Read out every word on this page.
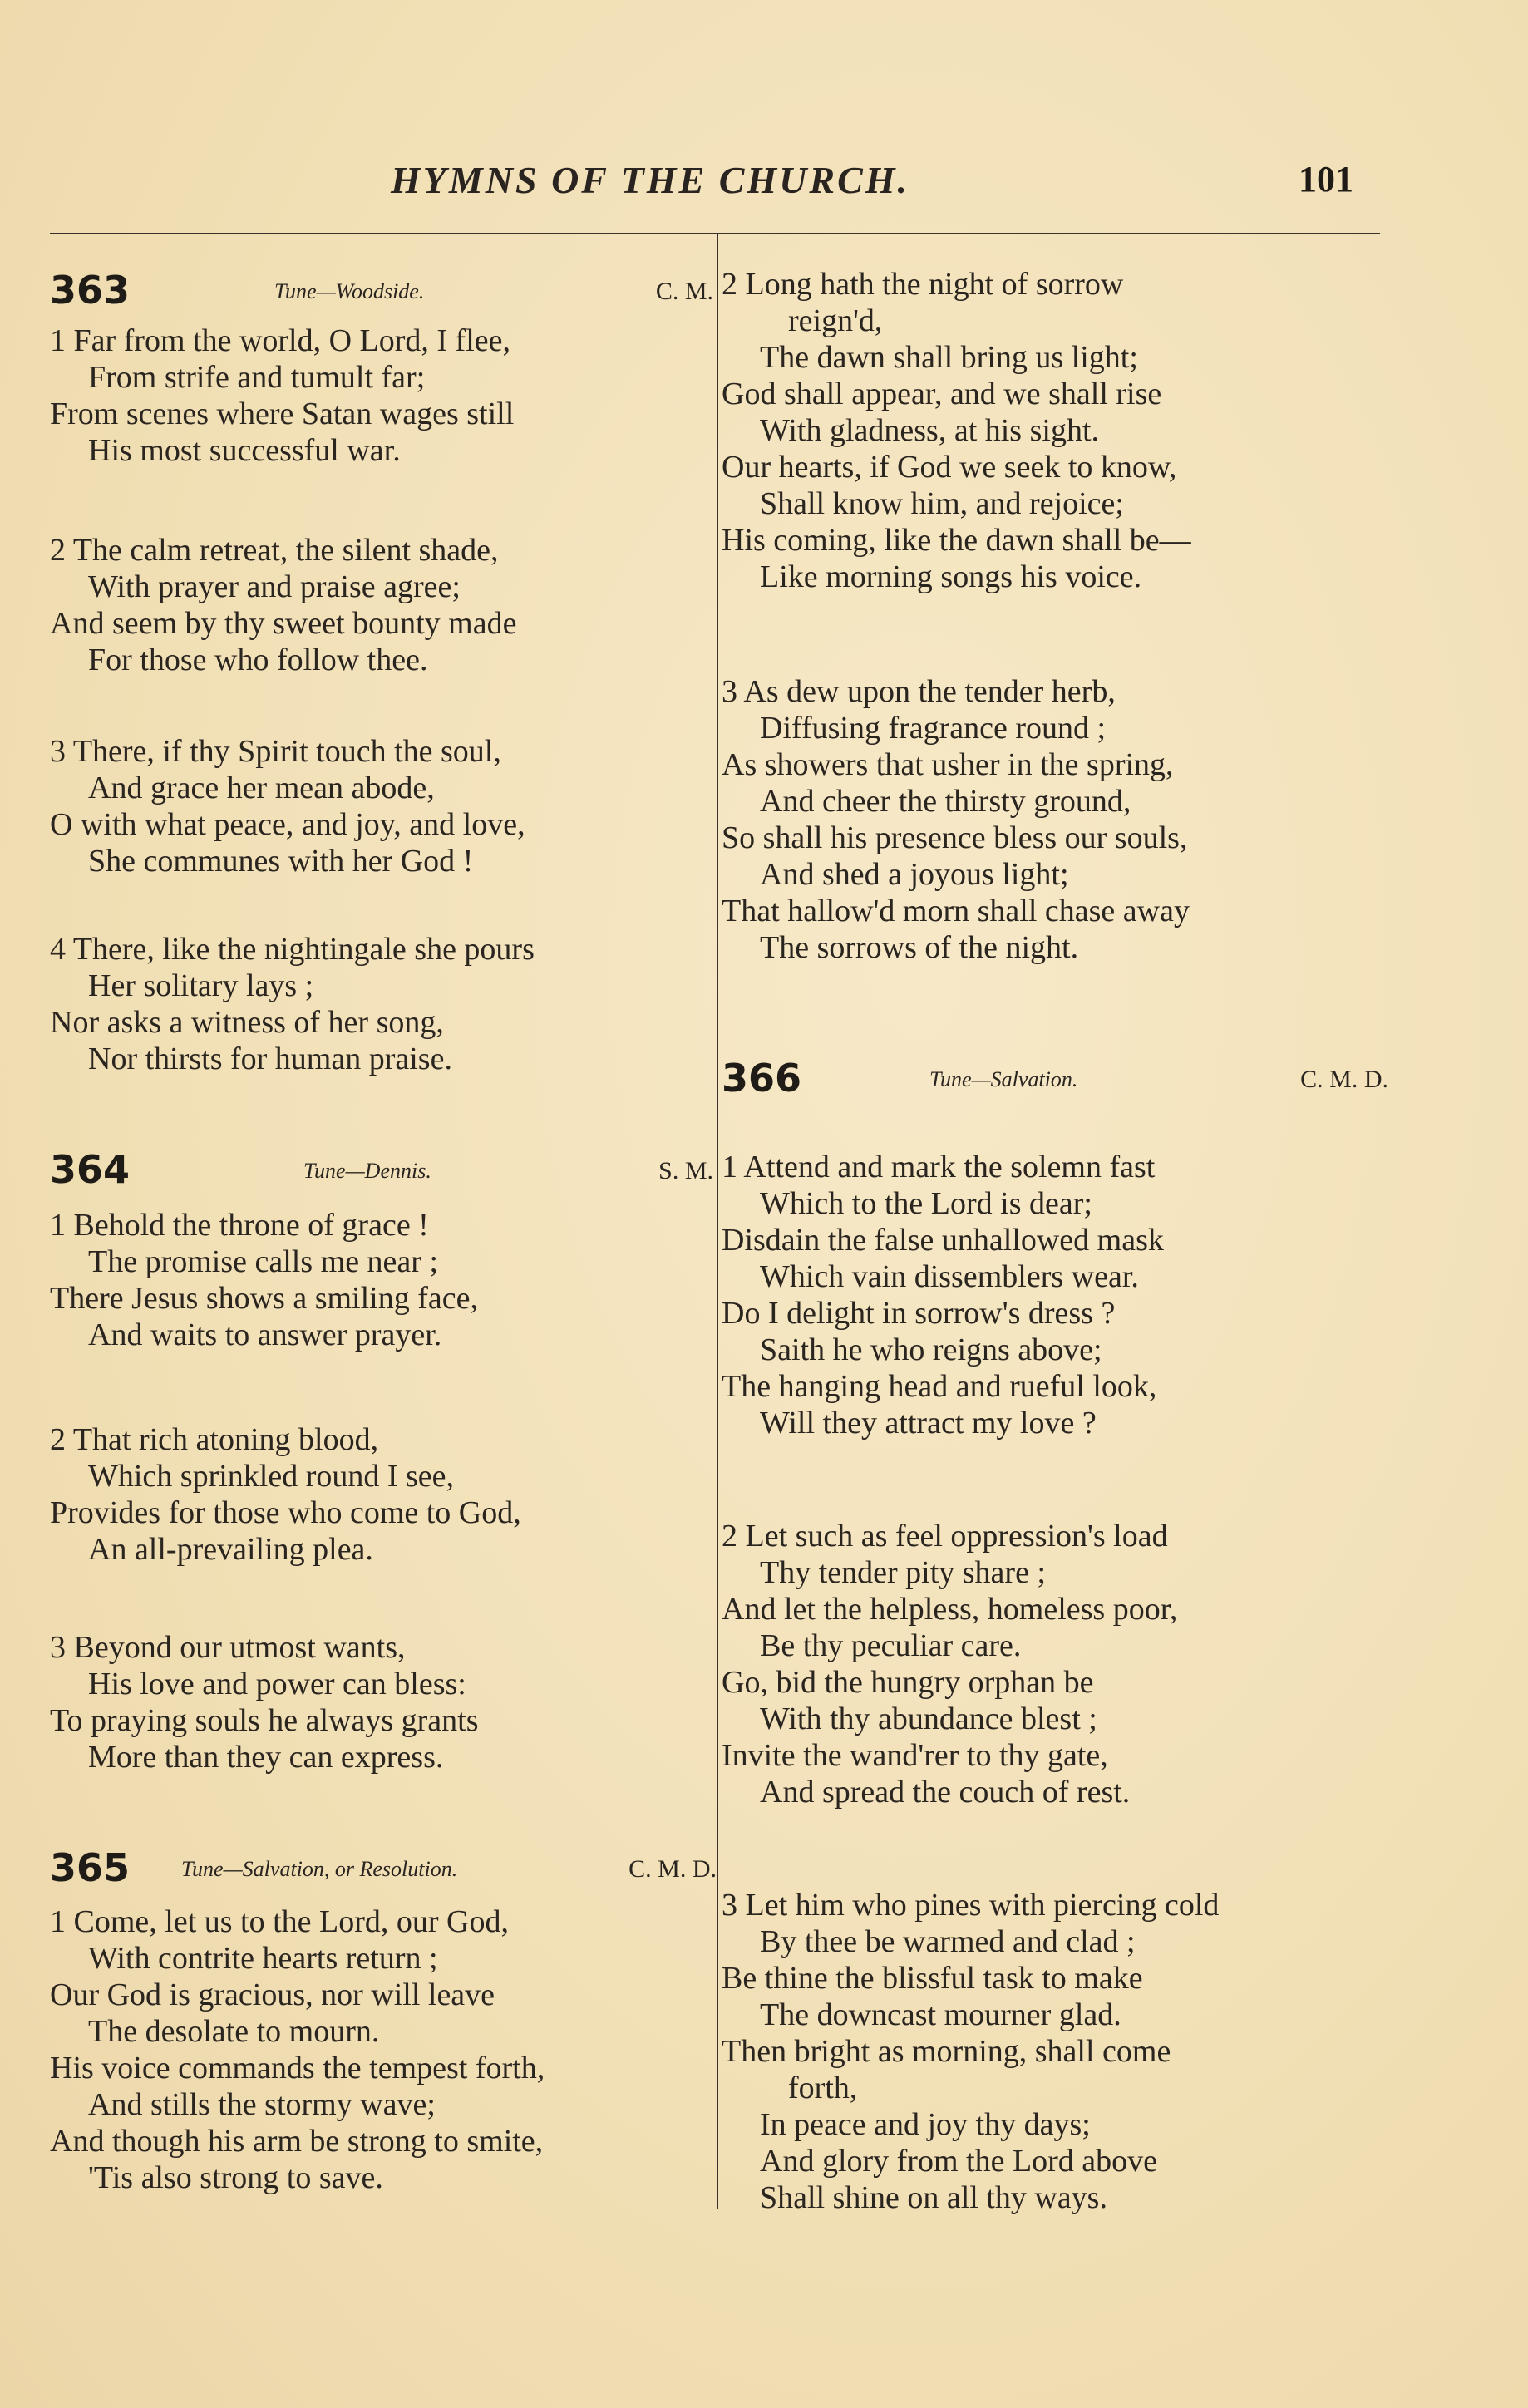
HYMNS OF THE CHURCH.	101
363	Tune—Woodside.	C. M.
1 Far from the world, O Lord, I flee,
From strife and tumult far;
From scenes where Satan wages still
His most successful war.
2 The calm retreat, the silent shade,
With prayer and praise agree;
And seem by thy sweet bounty made
For those who follow thee.
3 There, if thy Spirit touch the soul,
And grace her mean abode,
O with what peace, and joy, and love,
She communes with her God !
4 There, like the nightingale she pours
Her solitary lays ;
Nor asks a witness of her song,
Nor thirsts for human praise.
364	Tune—Dennis.	S. M.
1 Behold the throne of grace !
The promise calls me near ;
There Jesus shows a smiling face,
And waits to answer prayer.
2 That rich atoning blood,
Which sprinkled round I see,
Provides for those who come to God,
An all-prevailing plea.
3 Beyond our utmost wants,
His love and power can bless:
To praying souls he always grants
More than they can express.
365 Tune—Salvation, or Resolution.	C. M. D.
1 Come, let us to the Lord, our God,
With contrite hearts return ;
Our God is gracious, nor will leave
The desolate to mourn.
His voice commands the tempest forth,
And stills the stormy wave;
And though his arm be strong to smite,
'Tis also strong to save.
2 Long hath the night of sorrow
reign'd,
The dawn shall bring us light;
God shall appear, and we shall rise
With gladness, at his sight.
Our hearts, if God we seek to know,
Shall know him, and rejoice;
His coming, like the dawn shall be—
Like morning songs his voice.
3 As dew upon the tender herb,
Diffusing fragrance round ;
As showers that usher in the spring,
And cheer the thirsty ground,
So shall his presence bless our souls,
And shed a joyous light;
That hallow'd morn shall chase away
The sorrows of the night.
366	Tune—Salvation.	C. M. D.
1 Attend and mark the solemn fast
Which to the Lord is dear;
Disdain the false unhallowed mask
Which vain dissemblers wear.
Do I delight in sorrow's dress ?
Saith he who reigns above;
The hanging head and rueful look,
Will they attract my love ?
2 Let such as feel oppression's load
Thy tender pity share ;
And let the helpless, homeless poor,
Be thy peculiar care.
Go, bid the hungry orphan be
With thy abundance blest ;
Invite the wand'rer to thy gate,
And spread the couch of rest.
3 Let him who pines with piercing cold
By thee be warmed and clad ;
Be thine the blissful task to make
The downcast mourner glad.
Then bright as morning, shall come
forth,
In peace and joy thy days;
And glory from the Lord above
Shall shine on all thy ways.
